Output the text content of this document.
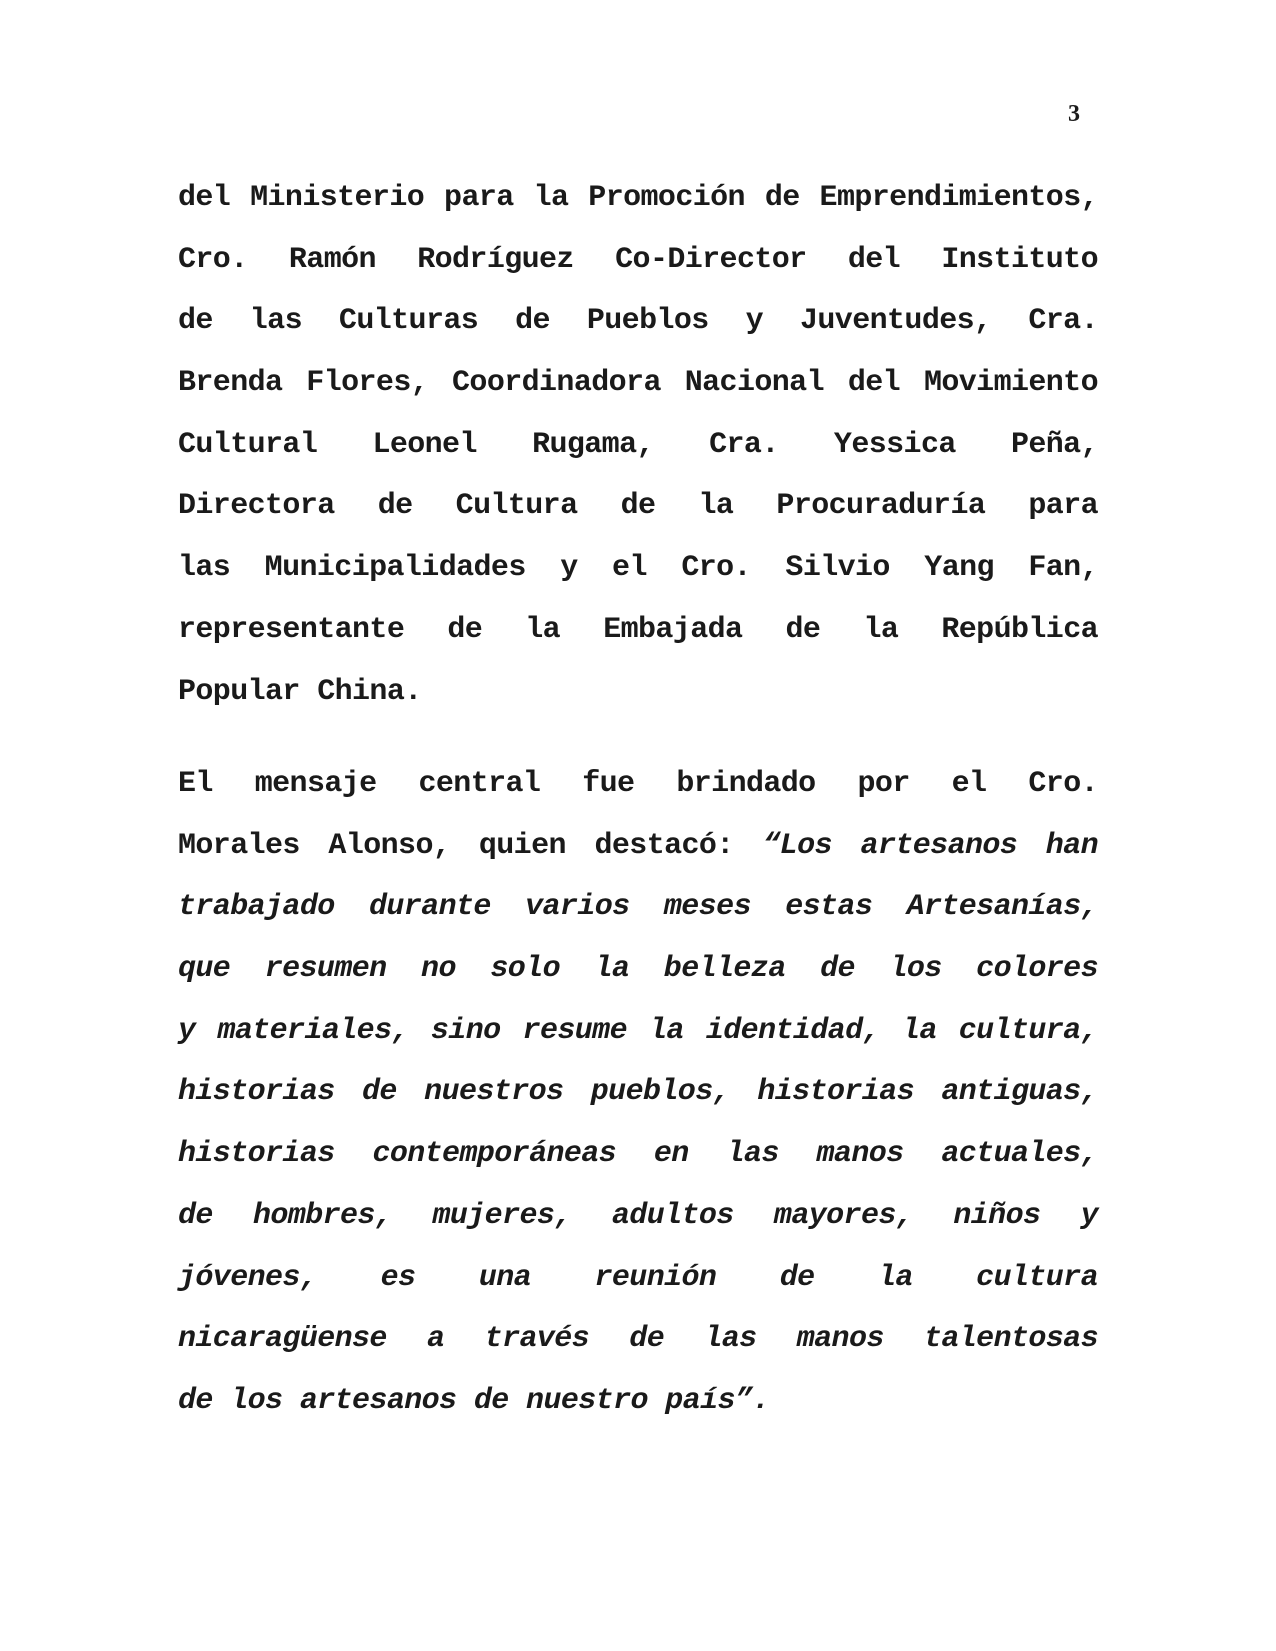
3
del Ministerio para la Promoción de Emprendimientos,
Cro. Ramón Rodríguez Co-Director del Instituto
de las Culturas de Pueblos y Juventudes, Cra.
Brenda Flores, Coordinadora Nacional del Movimiento
Cultural Leonel Rugama, Cra. Yessica Peña,
Directora de Cultura de la Procuraduría para
las Municipalidades y el Cro. Silvio Yang Fan,
representante de la Embajada de la República
Popular China.
El mensaje central fue brindado por el Cro.
Morales Alonso, quien destacó: “Los artesanos han
trabajado durante varios meses estas Artesanías,
que resumen no solo la belleza de los colores
y materiales, sino resume la identidad, la cultura,
historias de nuestros pueblos, historias antiguas,
historias contemporáneas en las manos actuales,
de hombres, mujeres, adultos mayores, niños y
jóvenes, es una reunión de la cultura
nicaragüense a través de las manos talentosas
de los artesanos de nuestro país”.
